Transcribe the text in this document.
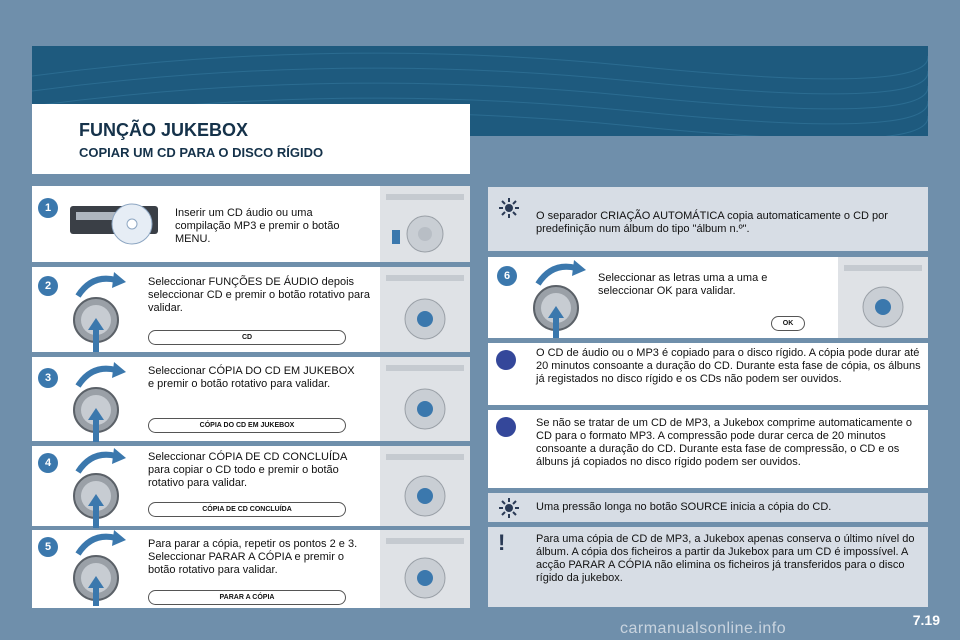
FUNÇÃO JUKEBOX
COPIAR UM CD PARA O DISCO RÍGIDO
1	Inserir um CD áudio ou uma compilação MP3 e premir o botão MENU.
2	Seleccionar FUNÇÕES DE ÁUDIO depois seleccionar CD e premir o botão rotativo para validar.
CD
3
Seleccionar CÓPIA DO CD EM JUKEBOX e premir o botão rotativo para validar.
CÓPIA DO CD EM JUKEBOX
4	Seleccionar CÓPIA DE CD CONCLUÍDA para copiar o CD todo e premir o botão rotativo para validar.
CÓPIA DE CD CONCLUÍDA
5	Para parar a cópia, repetir os pontos 2 e 3. Seleccionar PARAR A CÓPIA e premir o botão rotativo para validar.
PARAR A CÓPIA
O separador CRIAÇÃO AUTOMÁTICA copia automaticamente o CD por predefinição num álbum do tipo "álbum n.º".
6	Seleccionar as letras uma a uma e seleccionar OK para validar.
OK
O CD de áudio ou o MP3 é copiado para o disco rígido. A cópia pode durar até 20 minutos consoante a duração do CD. Durante esta fase de cópia, os álbuns já registados no disco rígido e os CDs não podem ser ouvidos.
Se não se tratar de um CD de MP3, a Jukebox comprime automaticamente o CD para o formato MP3. A compressão pode durar cerca de 20 minutos consoante a duração do CD. Durante esta fase de compressão, o CD e os álbuns já copiados no disco rígido podem ser ouvidos.
Uma pressão longa no botão SOURCE inicia a cópia do CD.
!	Para uma cópia de CD de MP3, a Jukebox apenas conserva o último nível do álbum. A cópia dos ficheiros a partir da Jukebox para um CD é impossível. A acção PARAR A CÓPIA não elimina os ficheiros já transferidos para o disco rígido da jukebox.
7.19
carmanualsonline.info
